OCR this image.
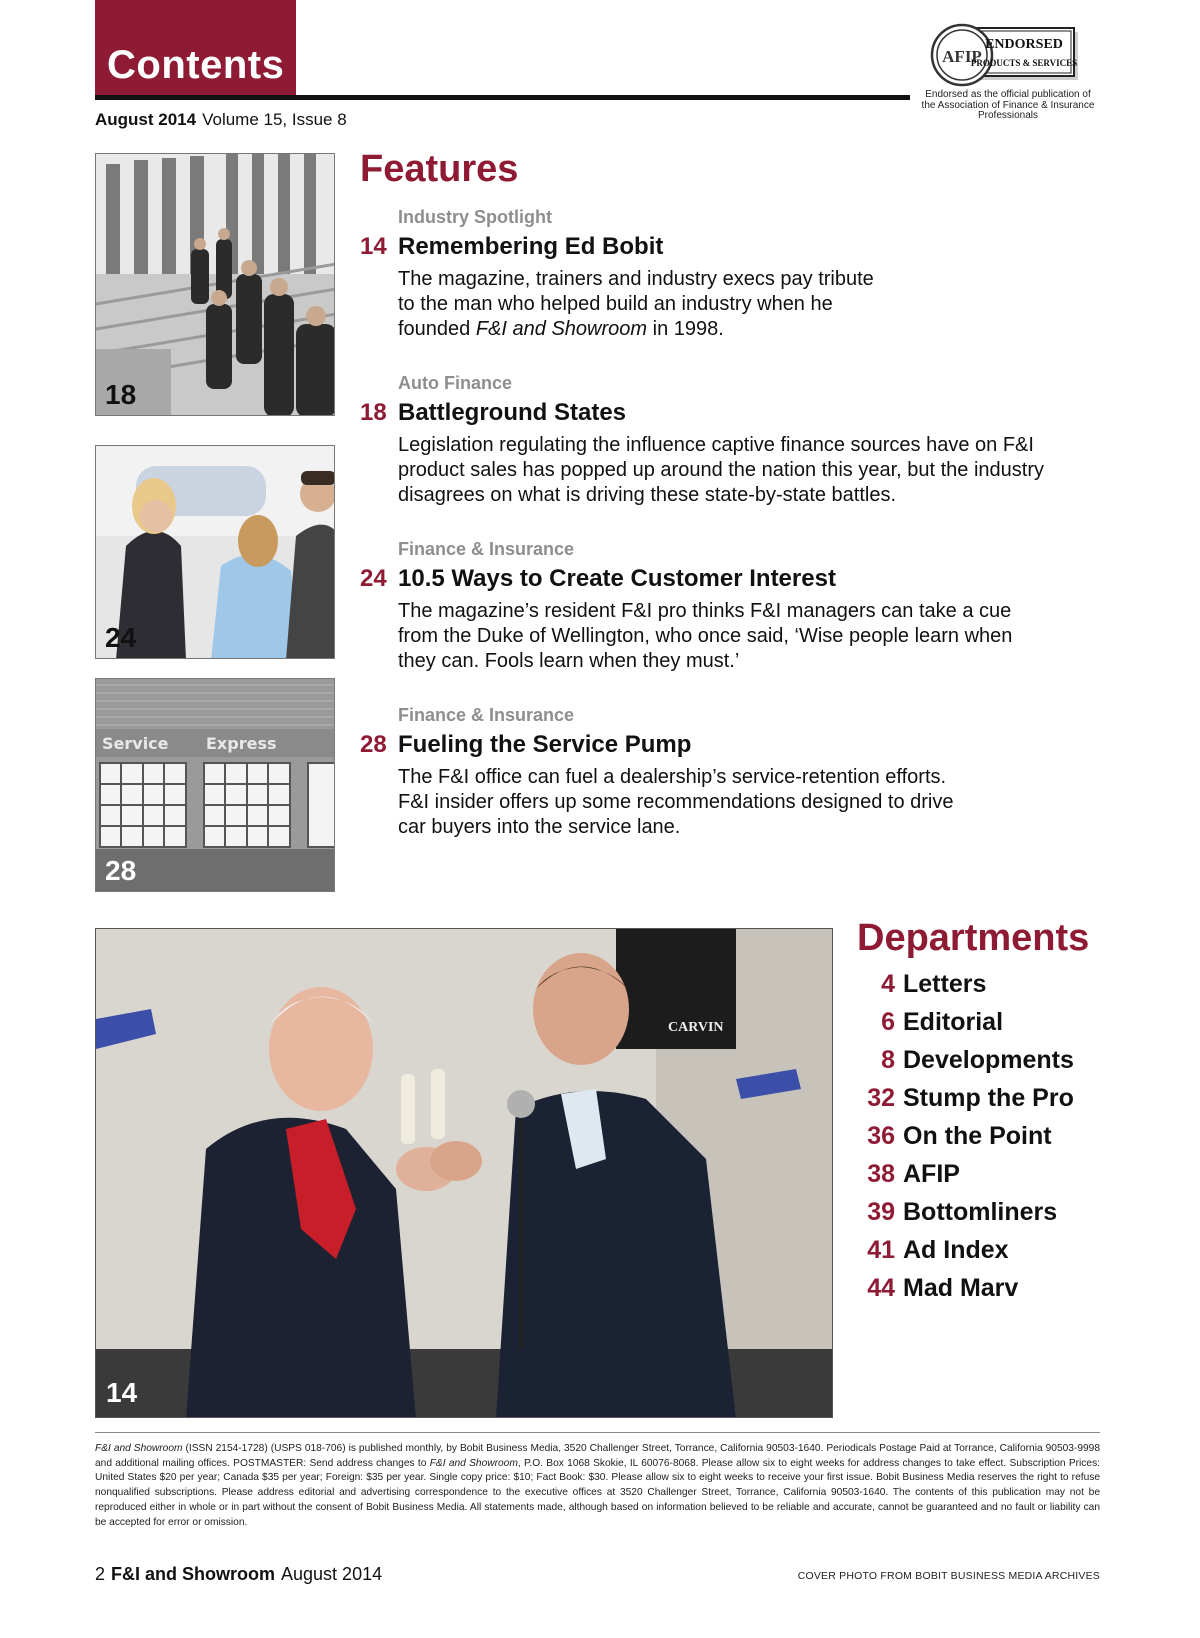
Contents
August 2014 Volume 15, Issue 8
AFIP
ENDORSED
PRODUCTS & SERVICES
Endorsed as the official publication of the Association of Finance & Insurance Professionals
18
24
Service Express
28
Features
Industry Spotlight
14 Remembering Ed Bobit
The magazine, trainers and industry execs pay tribute to the man who helped build an industry when he founded F&I and Showroom in 1998.
Auto Finance
18 Battleground States
Legislation regulating the influence captive finance sources have on F&I product sales has popped up around the nation this year, but the industry disagrees on what is driving these state-by-state battles.
Finance & Insurance
24 10.5 Ways to Create Customer Interest
The magazine’s resident F&I pro thinks F&I managers can take a cue from the Duke of Wellington, who once said, ‘Wise people learn when they can. Fools learn when they must.’
Finance & Insurance
28 Fueling the Service Pump
The F&I office can fuel a dealership’s service-retention efforts. F&I insider offers up some recommendations designed to drive car buyers into the service lane.
CARVIN
14
Departments
4 Letters
6 Editorial
8 Developments
32 Stump the Pro
36 On the Point
38 AFIP
39 Bottomliners
41 Ad Index
44 Mad Marv
F&I and Showroom (ISSN 2154-1728) (USPS 018-706) is published monthly, by Bobit Business Media, 3520 Challenger Street, Torrance, California 90503-1640. Periodicals Postage Paid at Torrance, California 90503-9998 and additional mailing offices. POSTMASTER: Send address changes to F&I and Showroom, P.O. Box 1068 Skokie, IL 60076-8068. Please allow six to eight weeks for address changes to take effect. Subscription Prices: United States $20 per year; Canada $35 per year; Foreign: $35 per year. Single copy price: $10; Fact Book: $30. Please allow six to eight weeks to receive your first issue. Bobit Business Media reserves the right to refuse nonqualified subscriptions. Please address editorial and advertising correspondence to the executive offices at 3520 Challenger Street, Torrance, California 90503-1640. The contents of this publication may not be reproduced either in whole or in part without the consent of Bobit Business Media. All statements made, although based on information believed to be reliable and accurate, cannot be guaranteed and no fault or liability can be accepted for error or omission.
2 F&I and Showroom August 2014	COVER PHOTO FROM BOBIT BUSINESS MEDIA ARCHIVES
